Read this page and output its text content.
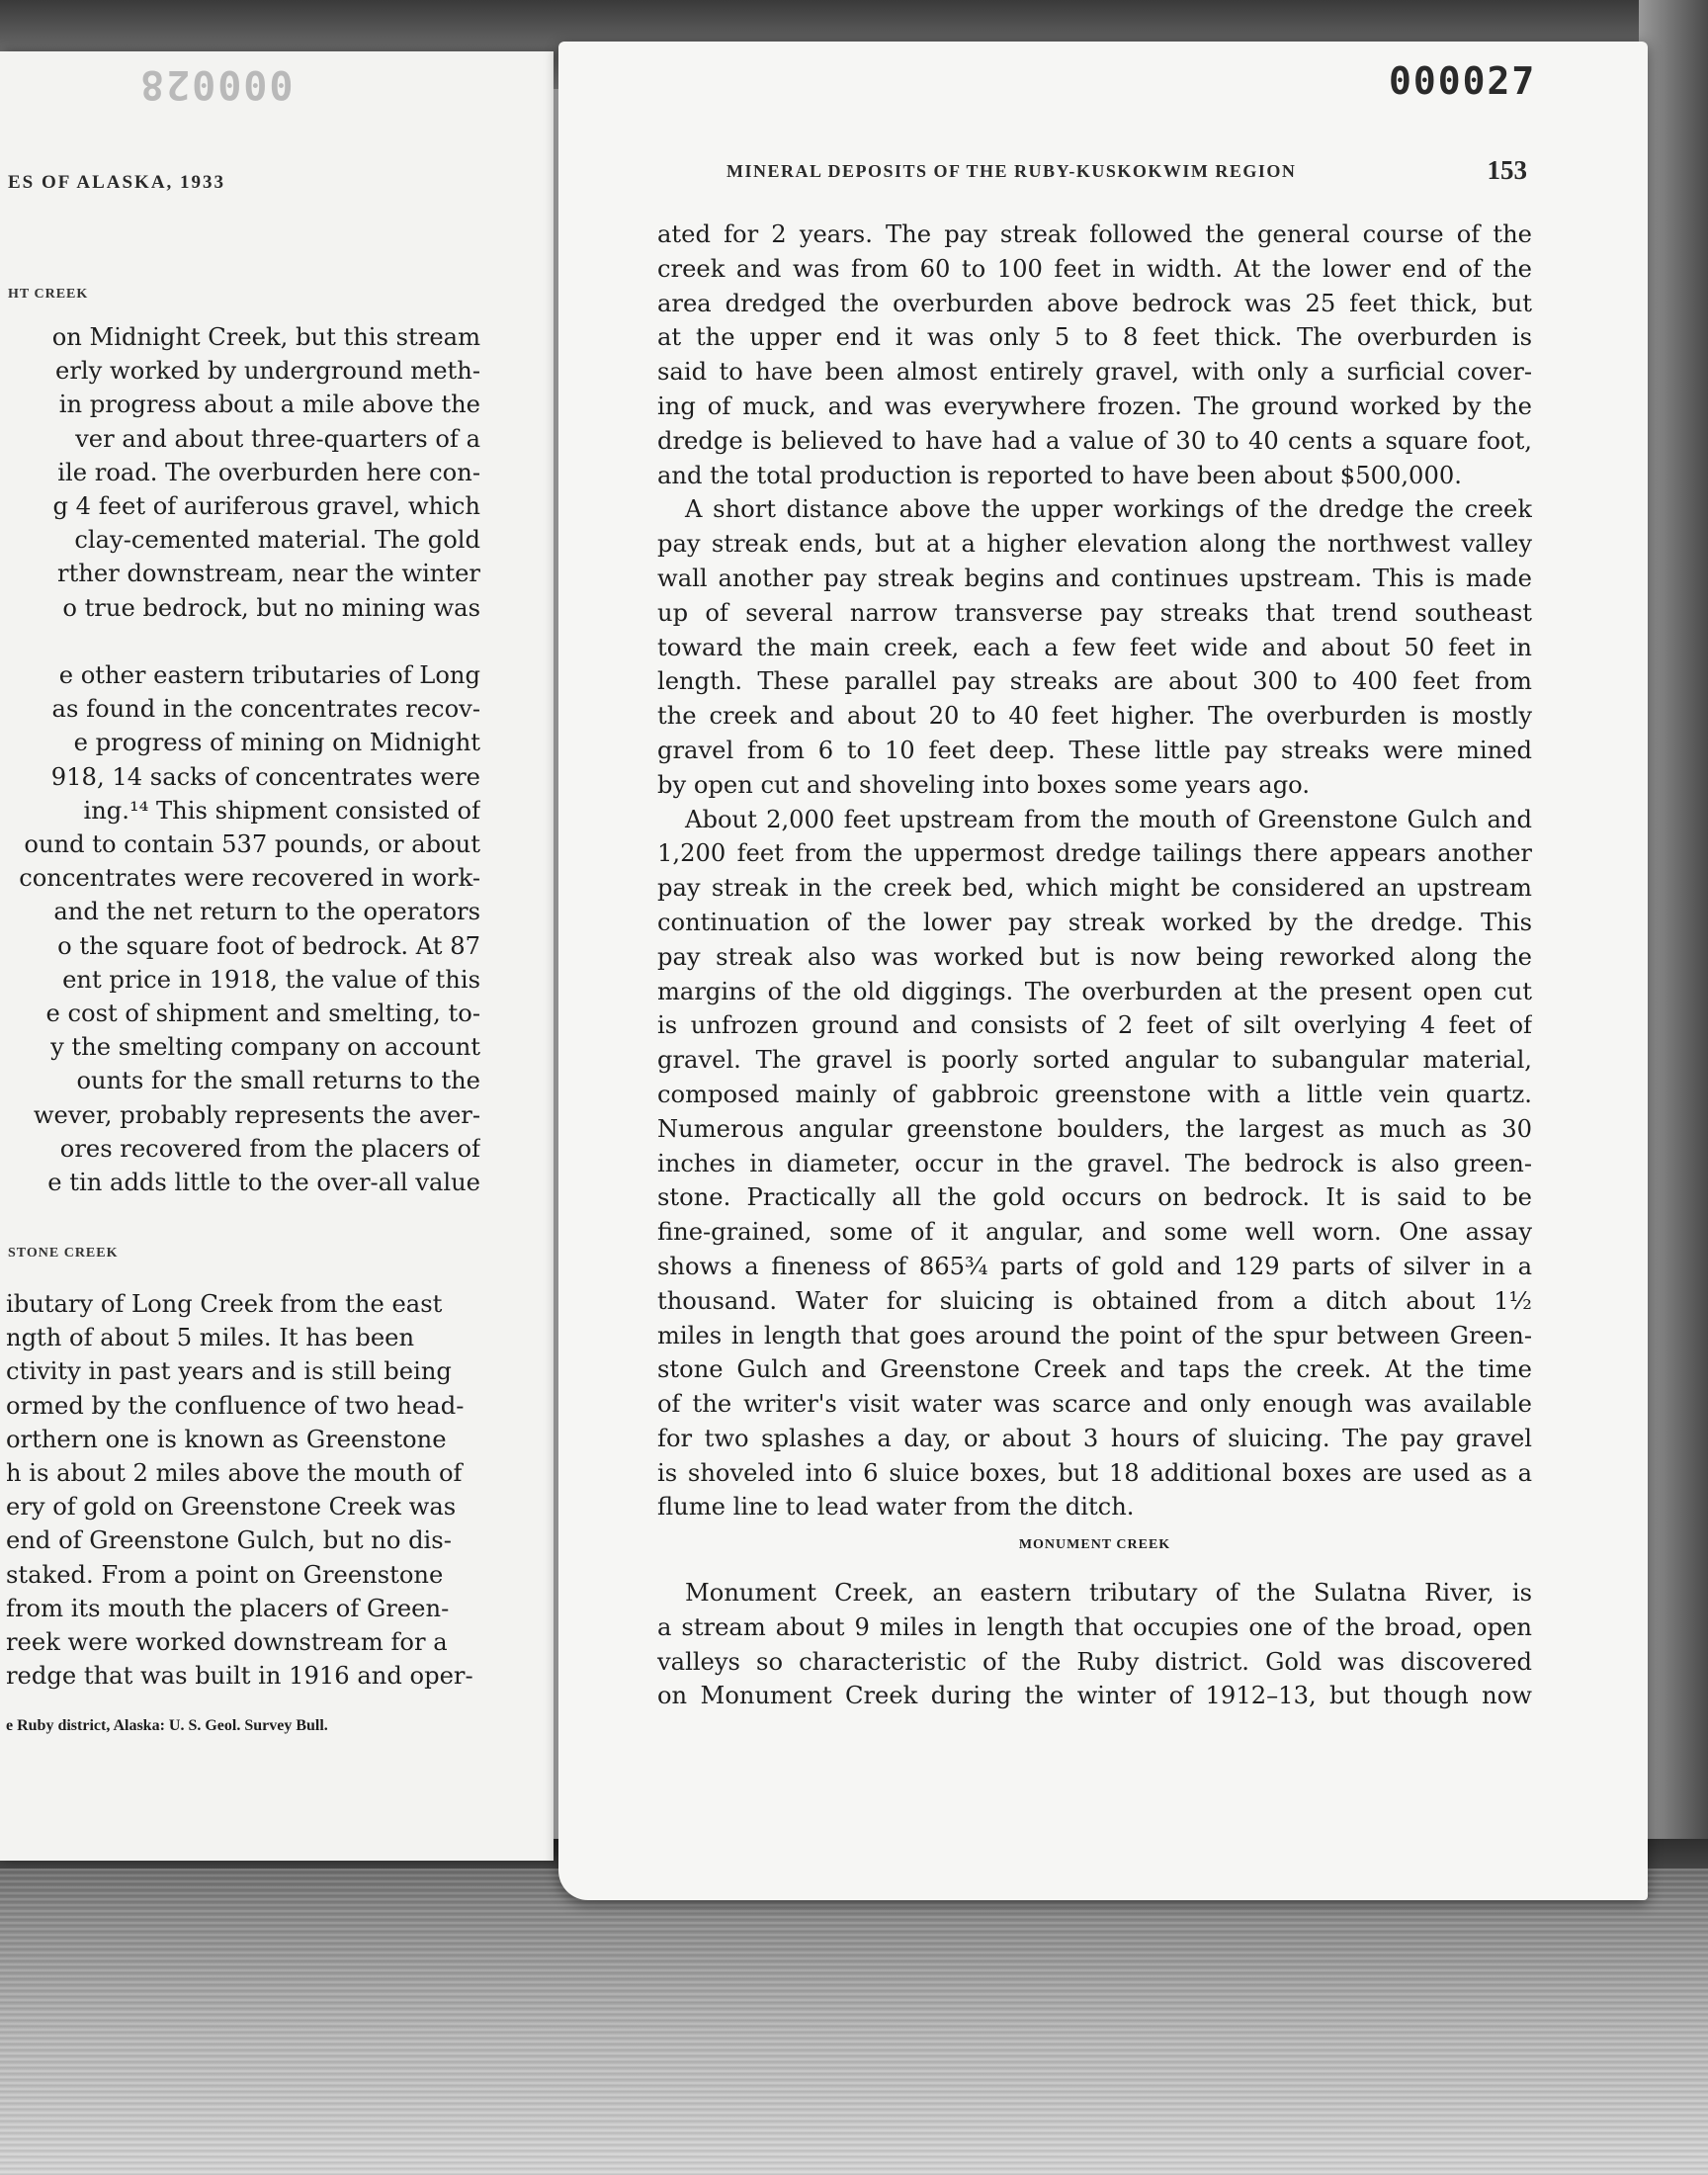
000028
ES OF ALASKA, 1933
HT CREEK
on Midnight Creek, but this stream
erly worked by underground meth-
in progress about a mile above the
ver and about three-quarters of a
ile road. The overburden here con-
g 4 feet of auriferous gravel, which
clay-cemented material. The gold
rther downstream, near the winter
o true bedrock, but no mining was

e other eastern tributaries of Long
as found in the concentrates recov-
e progress of mining on Midnight
918, 14 sacks of concentrates were
ing.¹⁴ This shipment consisted of
ound to contain 537 pounds, or about
concentrates were recovered in work-
and the net return to the operators
o the square foot of bedrock. At 87
ent price in 1918, the value of this
e cost of shipment and smelting, to-
y the smelting company on account
ounts for the small returns to the
wever, probably represents the aver-
ores recovered from the placers of
e tin adds little to the over-all value
STONE CREEK
ibutary of Long Creek from the east
ngth of about 5 miles. It has been
ctivity in past years and is still being
ormed by the confluence of two head-
orthern one is known as Greenstone
h is about 2 miles above the mouth of
ery of gold on Greenstone Creek was
end of Greenstone Gulch, but no dis-
staked. From a point on Greenstone
from its mouth the placers of Green-
reek were worked downstream for a
redge that was built in 1916 and oper-
e Ruby district, Alaska: U. S. Geol. Survey Bull.
000027
MINERAL DEPOSITS OF THE RUBY-KUSKOKWIM REGION	153
ated for 2 years. The pay streak followed the general course of the
creek and was from 60 to 100 feet in width. At the lower end of the
area dredged the overburden above bedrock was 25 feet thick, but
at the upper end it was only 5 to 8 feet thick. The overburden is
said to have been almost entirely gravel, with only a surficial cover-
ing of muck, and was everywhere frozen. The ground worked by the
dredge is believed to have had a value of 30 to 40 cents a square foot,
and the total production is reported to have been about $500,000.
A short distance above the upper workings of the dredge the creek
pay streak ends, but at a higher elevation along the northwest valley
wall another pay streak begins and continues upstream. This is made
up of several narrow transverse pay streaks that trend southeast
toward the main creek, each a few feet wide and about 50 feet in
length. These parallel pay streaks are about 300 to 400 feet from
the creek and about 20 to 40 feet higher. The overburden is mostly
gravel from 6 to 10 feet deep. These little pay streaks were mined
by open cut and shoveling into boxes some years ago.
About 2,000 feet upstream from the mouth of Greenstone Gulch and
1,200 feet from the uppermost dredge tailings there appears another
pay streak in the creek bed, which might be considered an upstream
continuation of the lower pay streak worked by the dredge. This
pay streak also was worked but is now being reworked along the
margins of the old diggings. The overburden at the present open cut
is unfrozen ground and consists of 2 feet of silt overlying 4 feet of
gravel. The gravel is poorly sorted angular to subangular material,
composed mainly of gabbroic greenstone with a little vein quartz.
Numerous angular greenstone boulders, the largest as much as 30
inches in diameter, occur in the gravel. The bedrock is also green-
stone. Practically all the gold occurs on bedrock. It is said to be
fine-grained, some of it angular, and some well worn. One assay
shows a fineness of 865¾ parts of gold and 129 parts of silver in a
thousand. Water for sluicing is obtained from a ditch about 1½
miles in length that goes around the point of the spur between Green-
stone Gulch and Greenstone Creek and taps the creek. At the time
of the writer's visit water was scarce and only enough was available
for two splashes a day, or about 3 hours of sluicing. The pay gravel
is shoveled into 6 sluice boxes, but 18 additional boxes are used as a
flume line to lead water from the ditch.
MONUMENT CREEK
Monument Creek, an eastern tributary of the Sulatna River, is
a stream about 9 miles in length that occupies one of the broad, open
valleys so characteristic of the Ruby district. Gold was discovered
on Monument Creek during the winter of 1912–13, but though now
